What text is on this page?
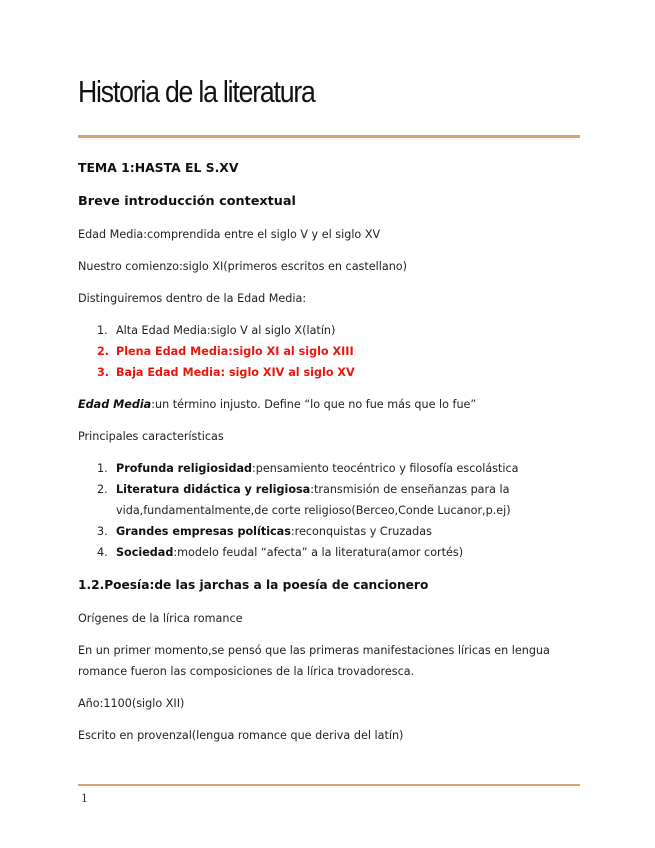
Historia de la literatura
TEMA 1:HASTA EL S.XV
Breve introducción contextual
Edad Media:comprendida entre el siglo V y el siglo XV
Nuestro comienzo:siglo XI(primeros escritos en castellano)
Distinguiremos dentro de la Edad Media:
1. Alta Edad Media:siglo V al siglo X(latín)
2. Plena Edad Media:siglo XI al siglo XIII
3. Baja Edad Media: siglo XIV al siglo XV
Edad Media:un término injusto. Define “lo que no fue más que lo fue”
Principales características
1. Profunda religiosidad:pensamiento teocéntrico y filosofía escolástica
2. Literatura didáctica y religiosa:transmisión de enseñanzas para la
vida,fundamentalmente,de corte religioso(Berceo,Conde Lucanor,p.ej)
3. Grandes empresas políticas:reconquistas y Cruzadas
4. Sociedad:modelo feudal “afecta” a la literatura(amor cortés)
1.2.Poesía:de las jarchas a la poesía de cancionero
Orígenes de la lírica romance
En un primer momento,se pensó que las primeras manifestaciones líricas en lengua
romance fueron las composiciones de la lírica trovadoresca.
Año:1100(siglo XII)
Escrito en provenzal(lengua romance que deriva del latín)
1
